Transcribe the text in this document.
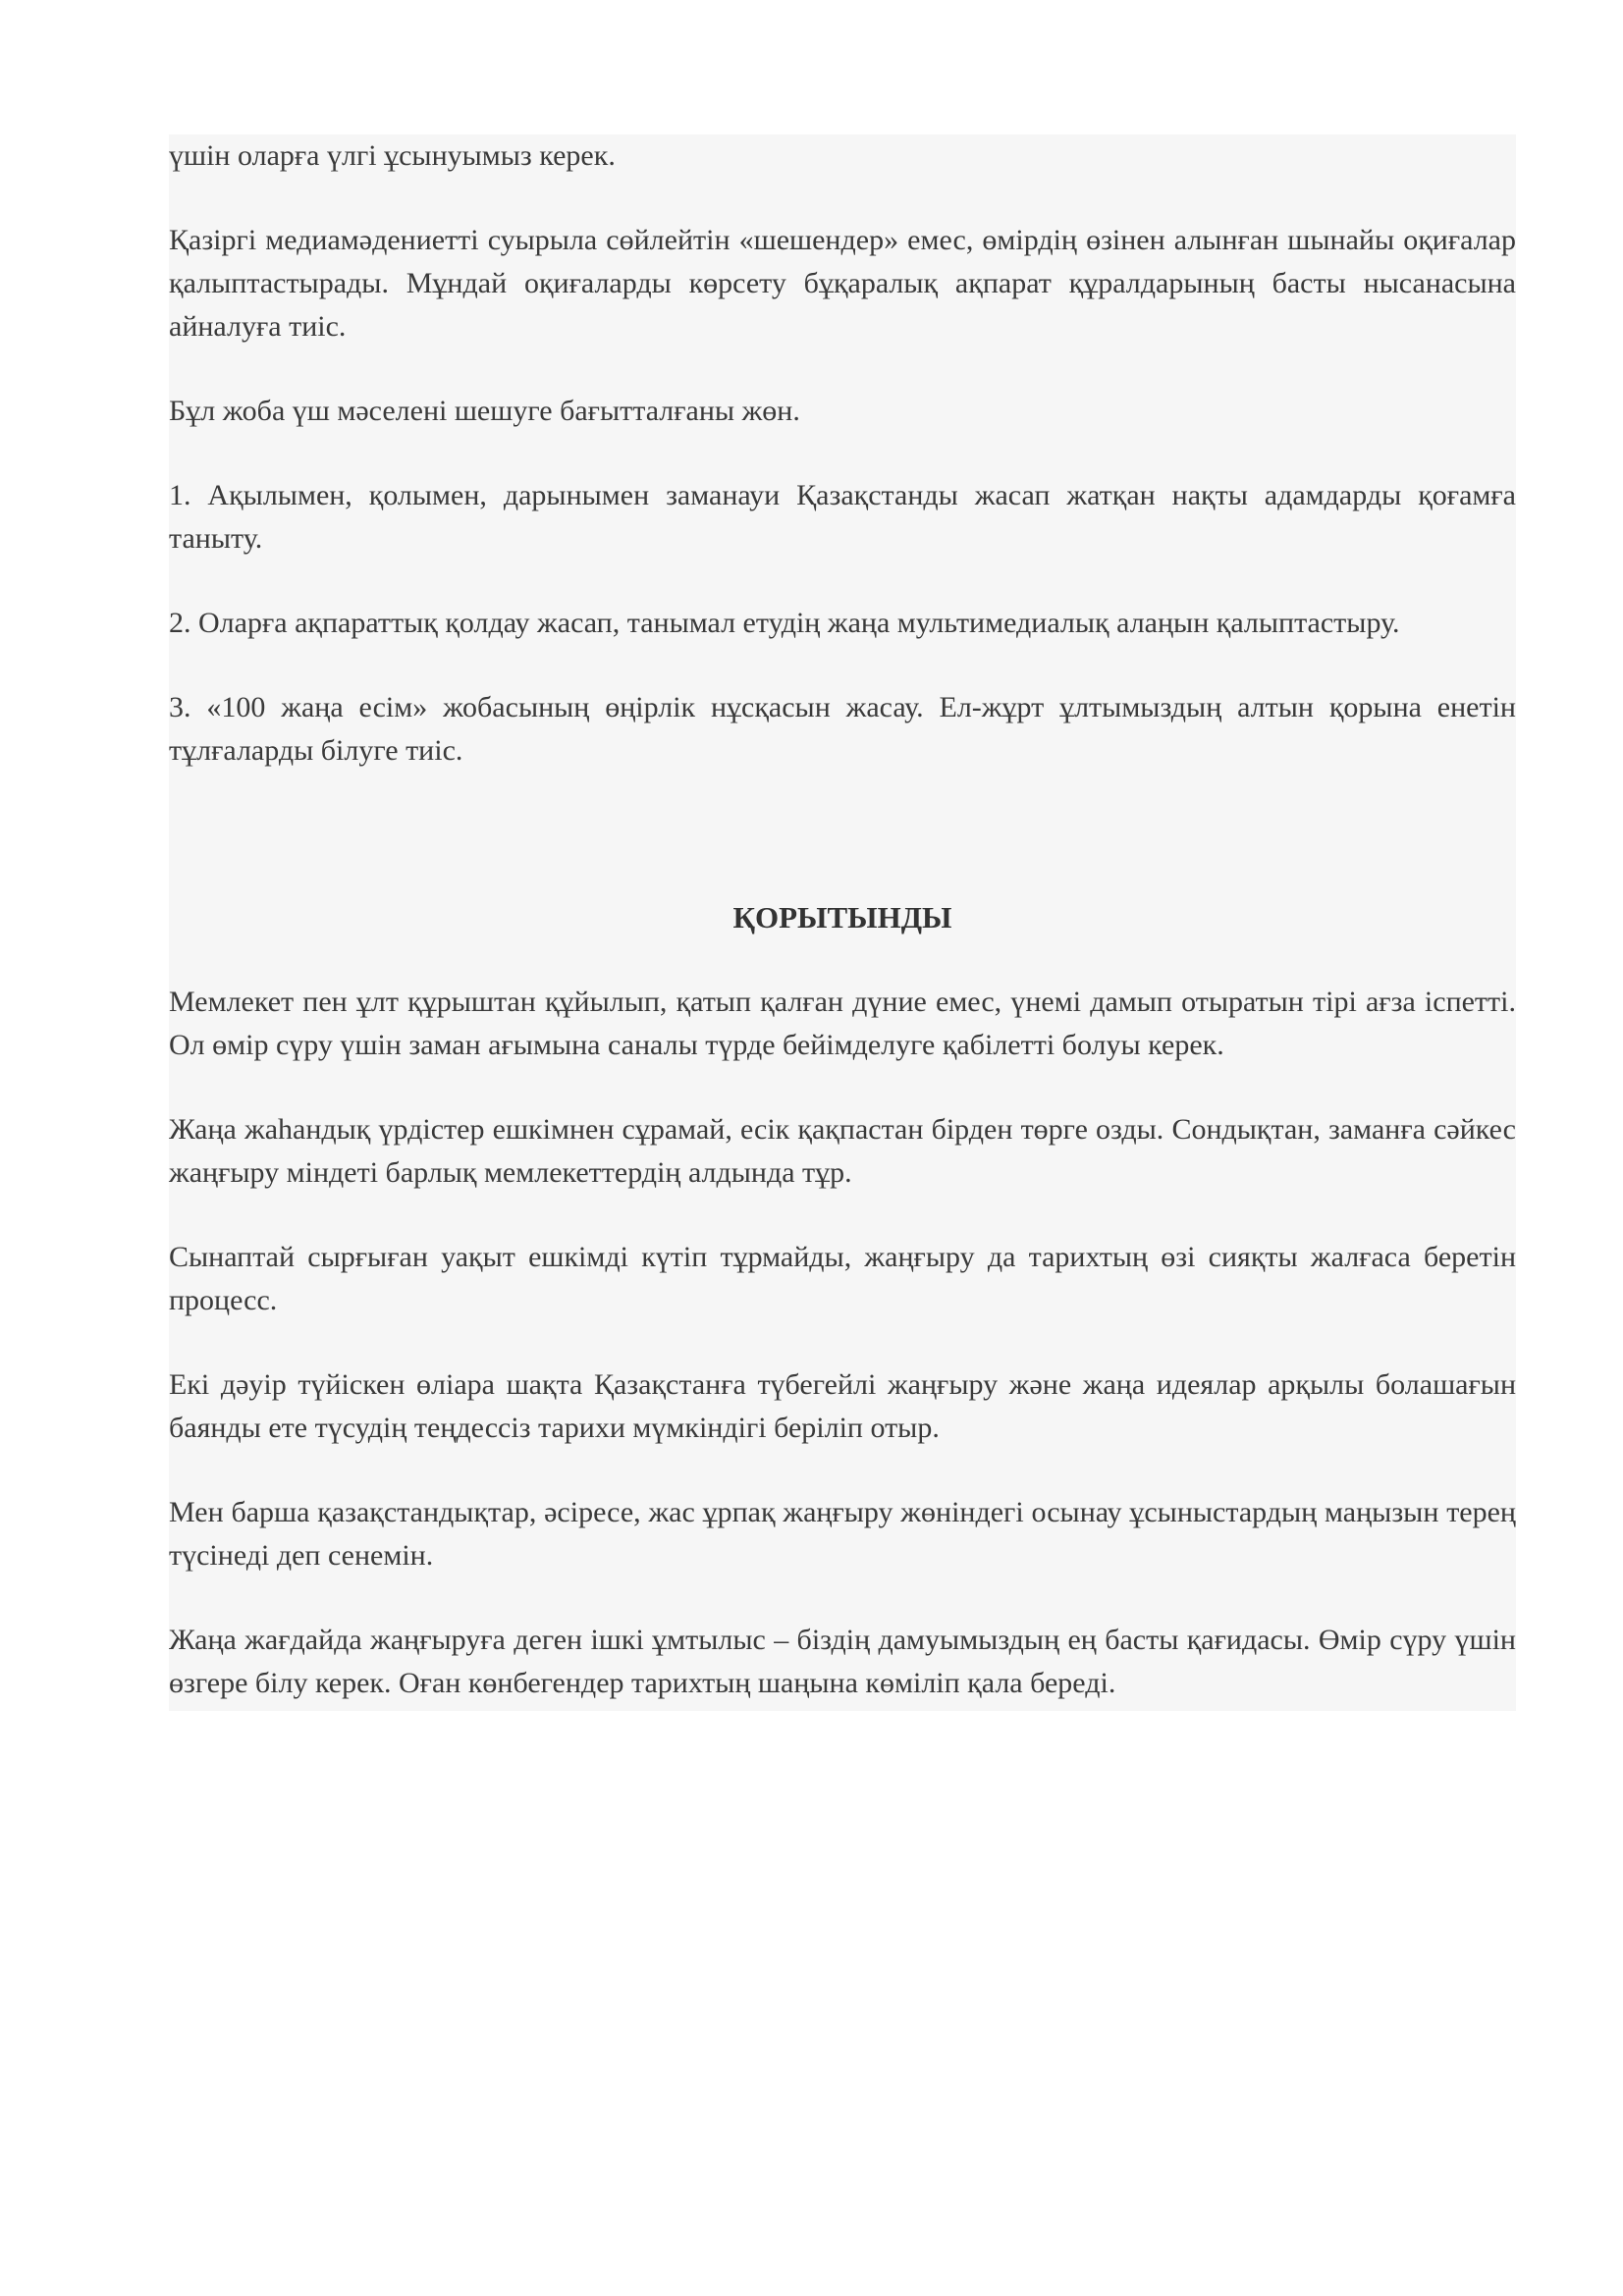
үшін оларға үлгі ұсынуымыз керек.

Қазіргі медиамәдениетті суырыла сөйлейтін «шешендер» емес, өмірдің өзінен алынған шынайы оқиғалар қалыптастырады. Мұндай оқиғаларды көрсету бұқаралық ақпарат құралдарының басты нысанасына айналуға тиіс.

Бұл жоба үш мәселені шешуге бағытталғаны жөн.

1. Ақылымен, қолымен, дарынымен заманауи Қазақстанды жасап жатқан нақты адамдарды қоғамға таныту.

2. Оларға ақпараттық қолдау жасап, танымал етудің жаңа мультимедиалық алаңын қалыптастыру.

3. «100 жаңа есім» жобасының өңірлік нұсқасын жасау. Ел-жұрт ұлтымыздың алтын қорына енетін тұлғаларды білуге тиіс.

ҚОРЫТЫНДЫ

Мемлекет пен ұлт құрыштан құйылып, қатып қалған дүние емес, үнемі дамып отыратын тірі ағза іспетті. Ол өмір сүру үшін заман ағымына саналы түрде бейімделуге қабілетті болуы керек.

Жаңа жаһандық үрдістер ешкімнен сұрамай, есік қақпастан бірден төрге озды. Сондықтан, заманға сәйкес жаңғыру міндеті барлық мемлекеттердің алдында тұр.

Сынаптай сырғыған уақыт ешкімді күтіп тұрмайды, жаңғыру да тарихтың өзі сияқты жалғаса беретін процесс.

Екі дәуір түйіскен өліара шақта Қазақстанға түбегейлі жаңғыру және жаңа идеялар арқылы болашағын баянды ете түсудің теңдессіз тарихи мүмкіндігі беріліп отыр.

Мен барша қазақстандықтар, әсіресе, жас ұрпақ жаңғыру жөніндегі осынау ұсыныстардың маңызын терең түсінеді деп сенемін.

Жаңа жағдайда жаңғыруға деген ішкі ұмтылыс – біздің дамуымыздың ең басты қағидасы. Өмір сүру үшін өзгере білу керек. Оған көнбегендер тарихтың шаңына көміліп қала береді.
